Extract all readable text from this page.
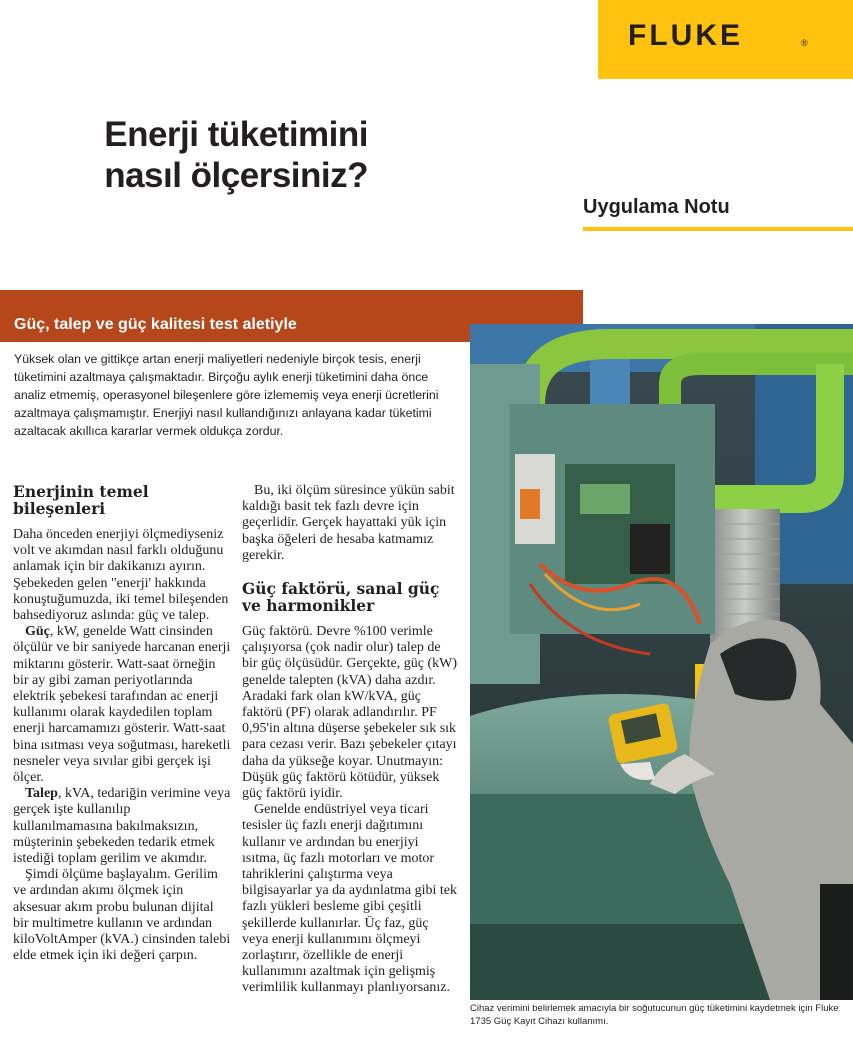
FLUKE	®
Enerji tüketimini
nasıl ölçersiniz?
Uygulama Notu
Güç, talep ve güç kalitesi test aletiyle
Yüksek olan ve gittikçe artan enerji maliyetleri nedeniyle birçok tesis, enerji tüketimini azaltmaya çalışmaktadır. Birçoğu aylık enerji tüketimini daha önce analiz etmemiş, operasyonel bileşenlere göre izlememiş veya enerji ücretlerini azaltmaya çalışmamıştır. Enerjiyi nasıl kullandığınızı anlayana kadar tüketimi azaltacak akıllıca kararlar vermek oldukça zordur.
Enerjinin temel bileşenleri

Daha önceden enerjiyi ölçmediyseniz volt ve akımdan nasıl farklı olduğunu anlamak için bir dakikanızı ayırın. Şebekeden gelen "enerji' hakkında konuştuğumuzda, iki temel bileşenden bahsediyoruz aslında: güç ve talep.

Güç, kW, genelde Watt cinsinden ölçülür ve bir saniyede harcanan enerji miktarını gösterir. Watt-saat örneğin bir ay gibi zaman periyotlarında elektrik şebekesi tarafından ac enerji kullanımı olarak kaydedilen toplam enerji harcamamızı gösterir. Watt-saat bina ısıtması veya soğutması, hareketli nesneler veya sıvılar gibi gerçek işi ölçer.

Talep, kVA, tedariğin verimine veya gerçek işte kullanılıp kullanılmamasına bakılmaksızın, müşterinin şebekeden tedarik etmek istediği toplam gerilim ve akımdır.

Şimdi ölçüme başlayalım. Gerilim ve ardından akımı ölçmek için aksesuar akım probu bulunan dijital bir multimetre kullanın ve ardından kiloVoltAmper (kVA.) cinsinden talebi elde etmek için iki değeri çarpın.

Bu, iki ölçüm süresince yükün sabit kaldığı basit tek fazlı devre için geçerlidir. Gerçek hayattaki yük için başka öğeleri de hesaba katmamız gerekir.

Güç faktörü, sanal güç ve harmonikler

Güç faktörü. Devre %100 verimle çalışıyorsa (çok nadir olur) talep de bir güç ölçüsüdür. Gerçekte, güç (kW) genelde talepten (kVA) daha azdır. Aradaki fark olan kW/kVA, güç faktörü (PF) olarak adlandırılır. PF 0,95'in altına düşerse şebekeler sık sık para cezası verir. Bazı şebekeler çıtayı daha da yükseğe koyar. Unutmayın: Düşük güç faktörü kötüdür, yüksek güç faktörü iyidir.

Genelde endüstriyel veya ticari tesisler üç fazlı enerji dağıtımını kullanır ve ardından bu enerjiyi ısıtma, üç fazlı motorları ve motor tahriklerini çalıştırma veya bilgisayarlar ya da aydınlatma gibi tek fazlı yükleri besleme gibi çeşitli şekillerde kullanırlar. Üç faz, güç veya enerji kullanımını ölçmeyi zorlaştırır, özellikle de enerji kullanımını azaltmak için gelişmiş verimlilik kullanmayı planlıyorsanız.

Cihaz verimini belirlemek amacıyla bir soğutucunun güç tüketimini kaydetmek için Fluke 1735 Güç Kayıt Cihazı kullanımı.
